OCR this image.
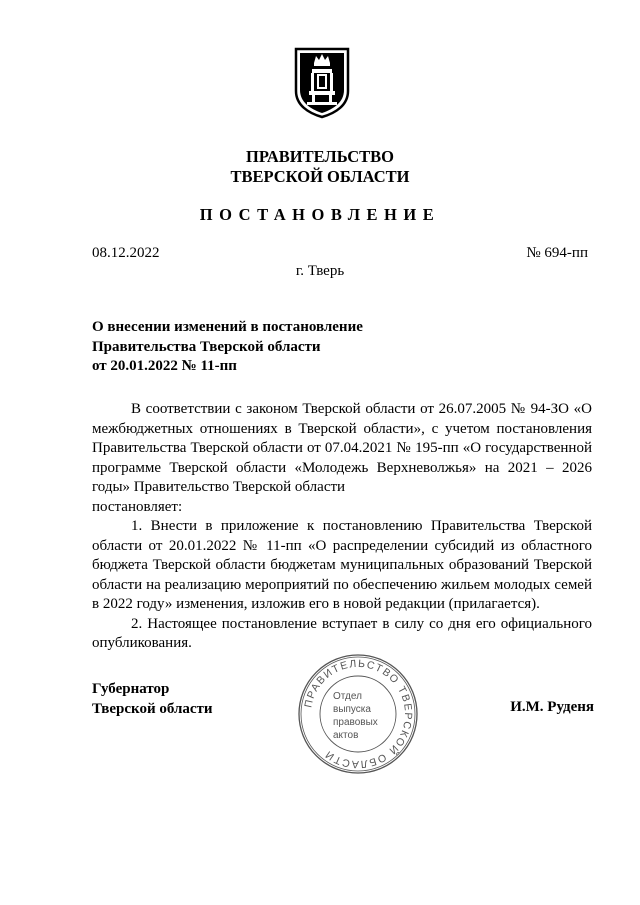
ПРАВИТЕЛЬСТВО
ТВЕРСКОЙ ОБЛАСТИ
ПОСТАНОВЛЕНИЕ
08.12.2022	№ 694-пп
г. Тверь
О внесении изменений в постановление
Правительства Тверской области
от 20.01.2022 № 11-пп

В соответствии с законом Тверской области от 26.07.2005 № 94-ЗО «О межбюджетных отношениях в Тверской области», с учетом постановления Правительства Тверской области от 07.04.2021 № 195-пп «О государственной программе Тверской области «Молодежь Верхневолжья» на 2021 – 2026 годы» Правительство Тверской области

постановляет:

1. Внести в приложение к постановлению Правительства Тверской области от 20.01.2022 № 11-пп «О распределении субсидий из областного бюджета Тверской области бюджетам муниципальных образований Тверской области на реализацию мероприятий по обеспечению жильем молодых семей в 2022 году» изменения, изложив его в новой редакции (прилагается).

2. Настоящее постановление вступает в силу со дня его официального опубликования.

Губернатор
Тверской области	И.М. Руденя
ПРАВИТЕЛЬСТВО ТВЕРСКОЙ ОБЛАСТИ
Отдел
выпуска
правовых
актов
